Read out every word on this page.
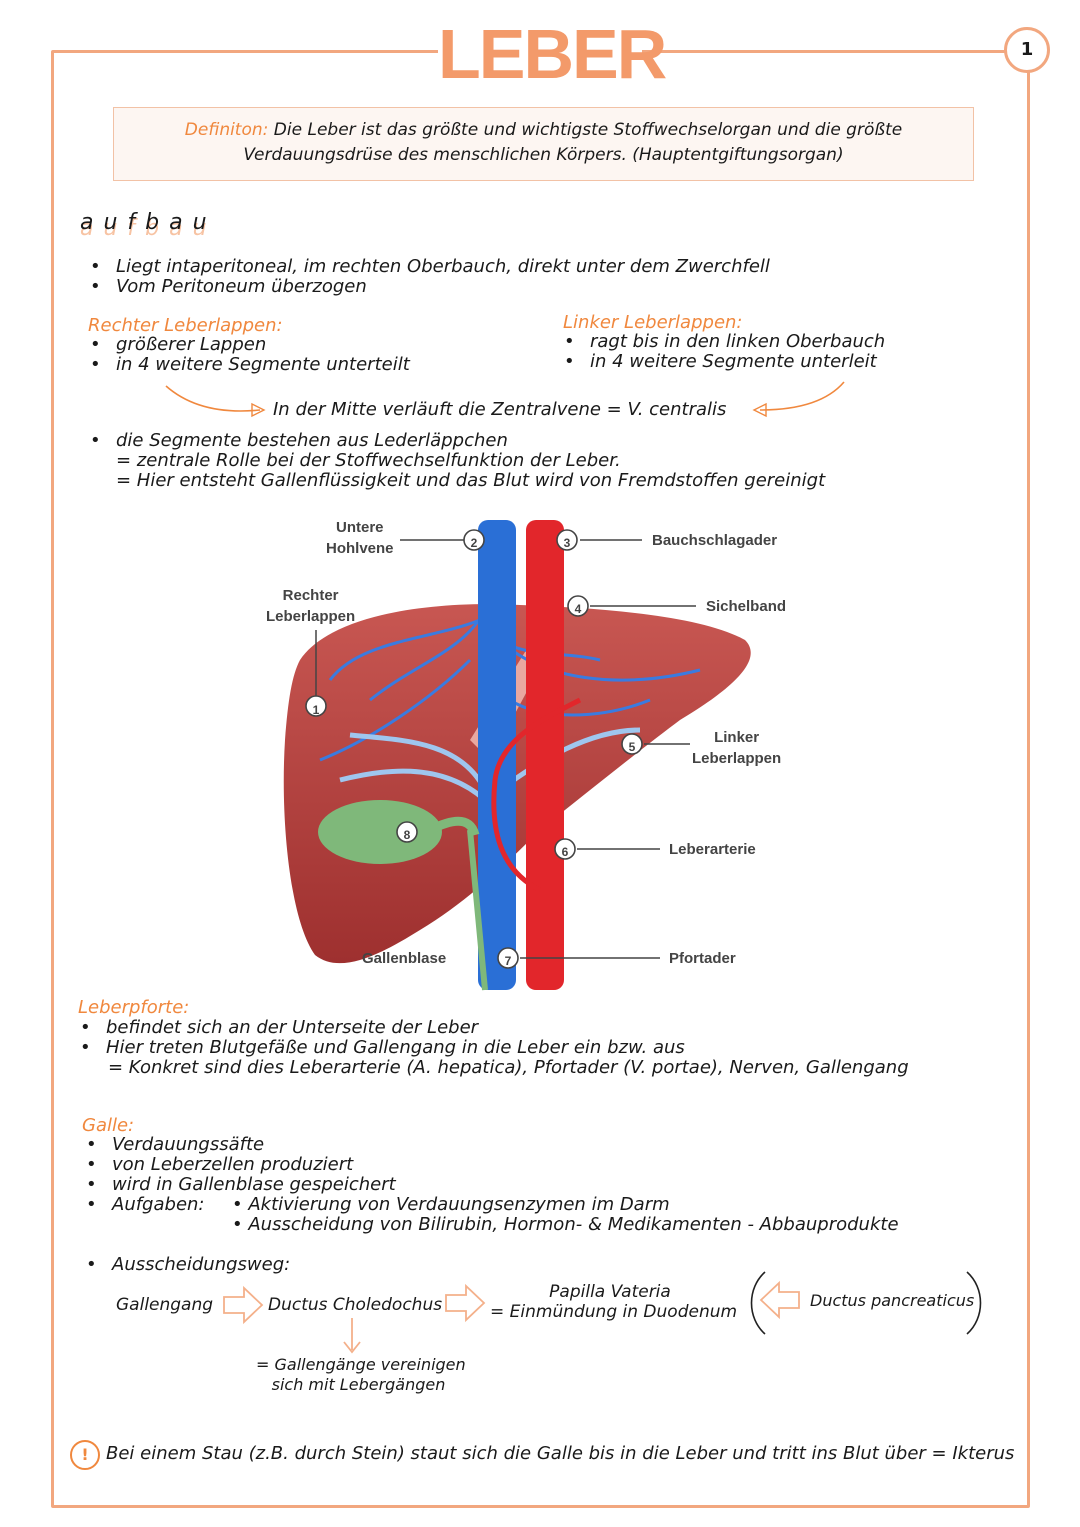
LEBER	1
Definiton: Die Leber ist das größte und wichtigste Stoffwechselorgan und die größte
Verdauungsdrüse des menschlichen Körpers. (Hauptentgiftungsorgan)
aufbau
• Liegt intaperitoneal, im rechten Oberbauch, direkt unter dem Zwerchfell
• Vom Peritoneum überzogen
Rechter Leberlappen:
• größerer Lappen
• in 4 weitere Segmente unterteilt
Linker Leberlappen:
• ragt bis in den linken Oberbauch
• in 4 weitere Segmente unterleit
In der Mitte verläuft die Zentralvene = V. centralis
• die Segmente bestehen aus Lederläppchen
= zentrale Rolle bei der Stoffwechselfunktion der Leber.
= Hier entsteht Gallenflüssigkeit und das Blut wird von Fremdstoffen gereinigt
1
2	3
4
5
6
7
8
Rechter
Leberlappen
Untere
Hohlvene	Bauchschlagader
Sichelband
Linker
Leberlappen
Leberarterie
Pfortader
Gallenblase
Leberpforte:
• befindet sich an der Unterseite der Leber
• Hier treten Blutgefäße und Gallengang in die Leber ein bzw. aus
= Konkret sind dies Leberarterie (A. hepatica), Pfortader (V. portae), Nerven, Gallengang
Galle:
• Verdauungssäfte
• von Leberzellen produziert
• wird in Gallenblase gespeichert
• Aufgaben:	• Aktivierung von Verdauungsenzymen im Darm
• Ausscheidung von Bilirubin, Hormon- & Medikamenten - Abbauprodukte
• Ausscheidungsweg:
Gallengang	Ductus Choledochus
Papilla Vateria
= Einmündung in Duodenum
Ductus pancreaticus
= Gallengänge vereinigen
sich mit Lebergängen
! Bei einem Stau (z.B. durch Stein) staut sich die Galle bis in die Leber und tritt ins Blut über = Ikterus
